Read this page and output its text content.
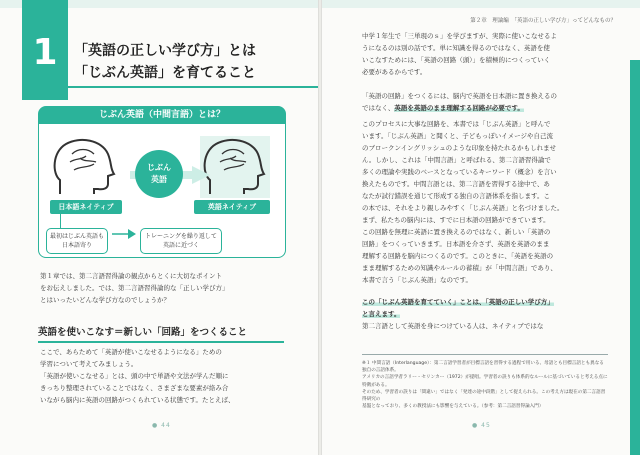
1 「英語の正しい学び方」とは
「じぶん英語」を育てること
じぶん英語（中間言語）とは？
じぶん
英語
日本語ネイティブ	英語ネイティブ
最初はじぶん英語も日本語寄り
トレーニングを繰り返して英語に近づく
第１章では、第二言語習得論の観点からとくに大切なポイント
をお伝えしました。では、第二言語習得論的な「正しい学び方」
とはいったいどんな学び方なのでしょうか？
英語を使いこなす＝新しい「回路」をつくること
ここで、あらためて「英語が使いこなせるようになる」ための
学習について考えてみましょう。
「英語が使いこなせる」とは、頭の中で単語や文法が学んだ順に
きっちり整理されていることではなく、さまざまな要素が絡み合
いながら脳内に英語の回路がつくられている状態です。たとえば、
● 44
第２章　理論編　「英語の正しい学び方」ってどんなもの？
中学１年生で「三単現のｓ」を学びますが、実際に使いこなせるよ
うになるのは別の話です。単に知識を得るのではなく、英語を使
いこなすためには、「英語の回路（頭）」を積極的につくっていく
必要があるからです。
「英語の回路」をつくるには、脳内で英語を日本語に置き換えるの
ではなく、英語を英語のまま理解する回路が必要です。
このプロセスに大事な回路を、本書では「じぶん英語」と呼んで
います。「じぶん英語」と聞くと、子どもっぽいイメージや自己流
のブロークンイングリッシュのような印象を持たれるかもしれませ
ん。しかし、これは「中間言語」と呼ばれる、第二言語習得論で
多くの理論や実践のベースとなっているキーワード（概念）を言い
換えたものです。中間言語とは、第二言語を習得する途中で、あ
なたが試行錯誤を通じて形成する独自の言語体系を指します。こ
の本では、それをより親しみやすく「じぶん英語」と名づけました。
まず、私たちの脳内には、すでに日本語の回路ができています。
この回路を無理に英語に置き換えるのではなく、新しい「英語の
回路」をつくっていきます。日本語を介さず、英語を英語のまま
理解する回路を脳内につくるのです。このときに、「英語を英語の
まま理解するための知識やルールの蓄積」が「中間言語」であり、
本書で言う「じぶん英語」なのです。
この「じぶん英語を育てていく」ことは、「英語の正しい学び方」
と言えます。
第二言語として英語を身につけている人は、ネイティブではな
※１ 中間言語（Interlanguage）：第二言語学習者が目標言語を習得する過程で用いる、母語とも目標言語とも異なる独自の言語体系。
アメリカの言語学者ラリー・セリンカー（1972）が提唱。学習者の誤りも体系的なルールに基づいていると考える点に特徴がある。
そのため、学習者の誤りは「間違い」ではなく「発達の途中段階」として捉えられる。この考え方は現在の第二言語習得研究の
基盤となっており、多くの教授法にも影響を与えている。（参考：第二言語習得論入門）
● 45
